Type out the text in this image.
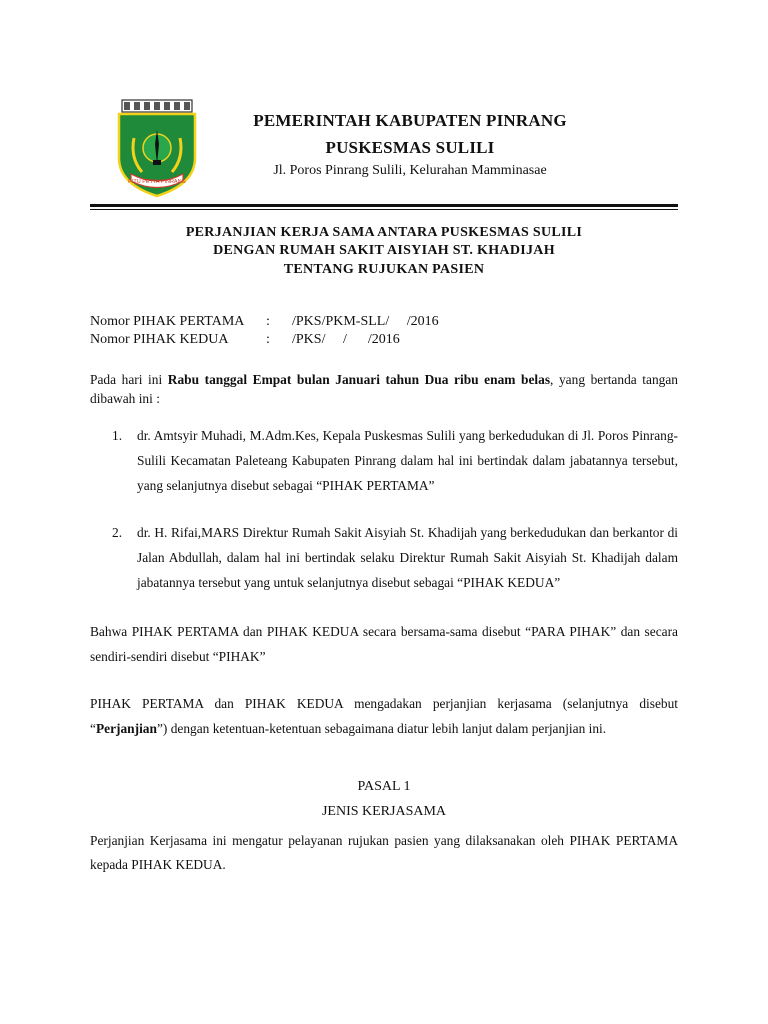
PITU PETTA PINRANG
PEMERINTAH KABUPATEN PINRANG
PUSKESMAS SULILI
Jl. Poros Pinrang Sulili, Kelurahan Mamminasae
PERJANJIAN KERJA SAMA ANTARA PUSKESMAS SULILI
DENGAN RUMAH SAKIT AISYIAH ST. KHADIJAH
TENTANG RUJUKAN PASIEN
Nomor PIHAK PERTAMA : /PKS/PKM-SLL/     /2016
Nomor PIHAK KEDUA	: /PKS/     /      /2016
Pada hari ini Rabu tanggal Empat bulan Januari tahun Dua ribu enam belas, yang bertanda tangan dibawah ini :
1.	dr. Amtsyir Muhadi, M.Adm.Kes, Kepala Puskesmas Sulili yang berkedudukan di Jl. Poros Pinrang-Sulili Kecamatan Paleteang Kabupaten Pinrang dalam hal ini bertindak dalam jabatannya tersebut, yang selanjutnya disebut sebagai “PIHAK PERTAMA”
2.	dr. H. Rifai,MARS Direktur Rumah Sakit Aisyiah St. Khadijah yang berkedudukan dan berkantor di Jalan Abdullah, dalam hal ini bertindak selaku Direktur Rumah Sakit Aisyiah St. Khadijah dalam jabatannya tersebut yang untuk selanjutnya disebut sebagai “PIHAK KEDUA”
Bahwa PIHAK PERTAMA dan PIHAK KEDUA secara bersama-sama disebut “PARA PIHAK” dan secara sendiri-sendiri disebut “PIHAK”
PIHAK PERTAMA dan PIHAK KEDUA mengadakan perjanjian kerjasama (selanjutnya disebut “Perjanjian”) dengan ketentuan-ketentuan sebagaimana diatur lebih lanjut dalam perjanjian ini.
PASAL 1
JENIS KERJASAMA
Perjanjian Kerjasama ini mengatur pelayanan rujukan pasien yang dilaksanakan oleh PIHAK PERTAMA kepada PIHAK KEDUA.
